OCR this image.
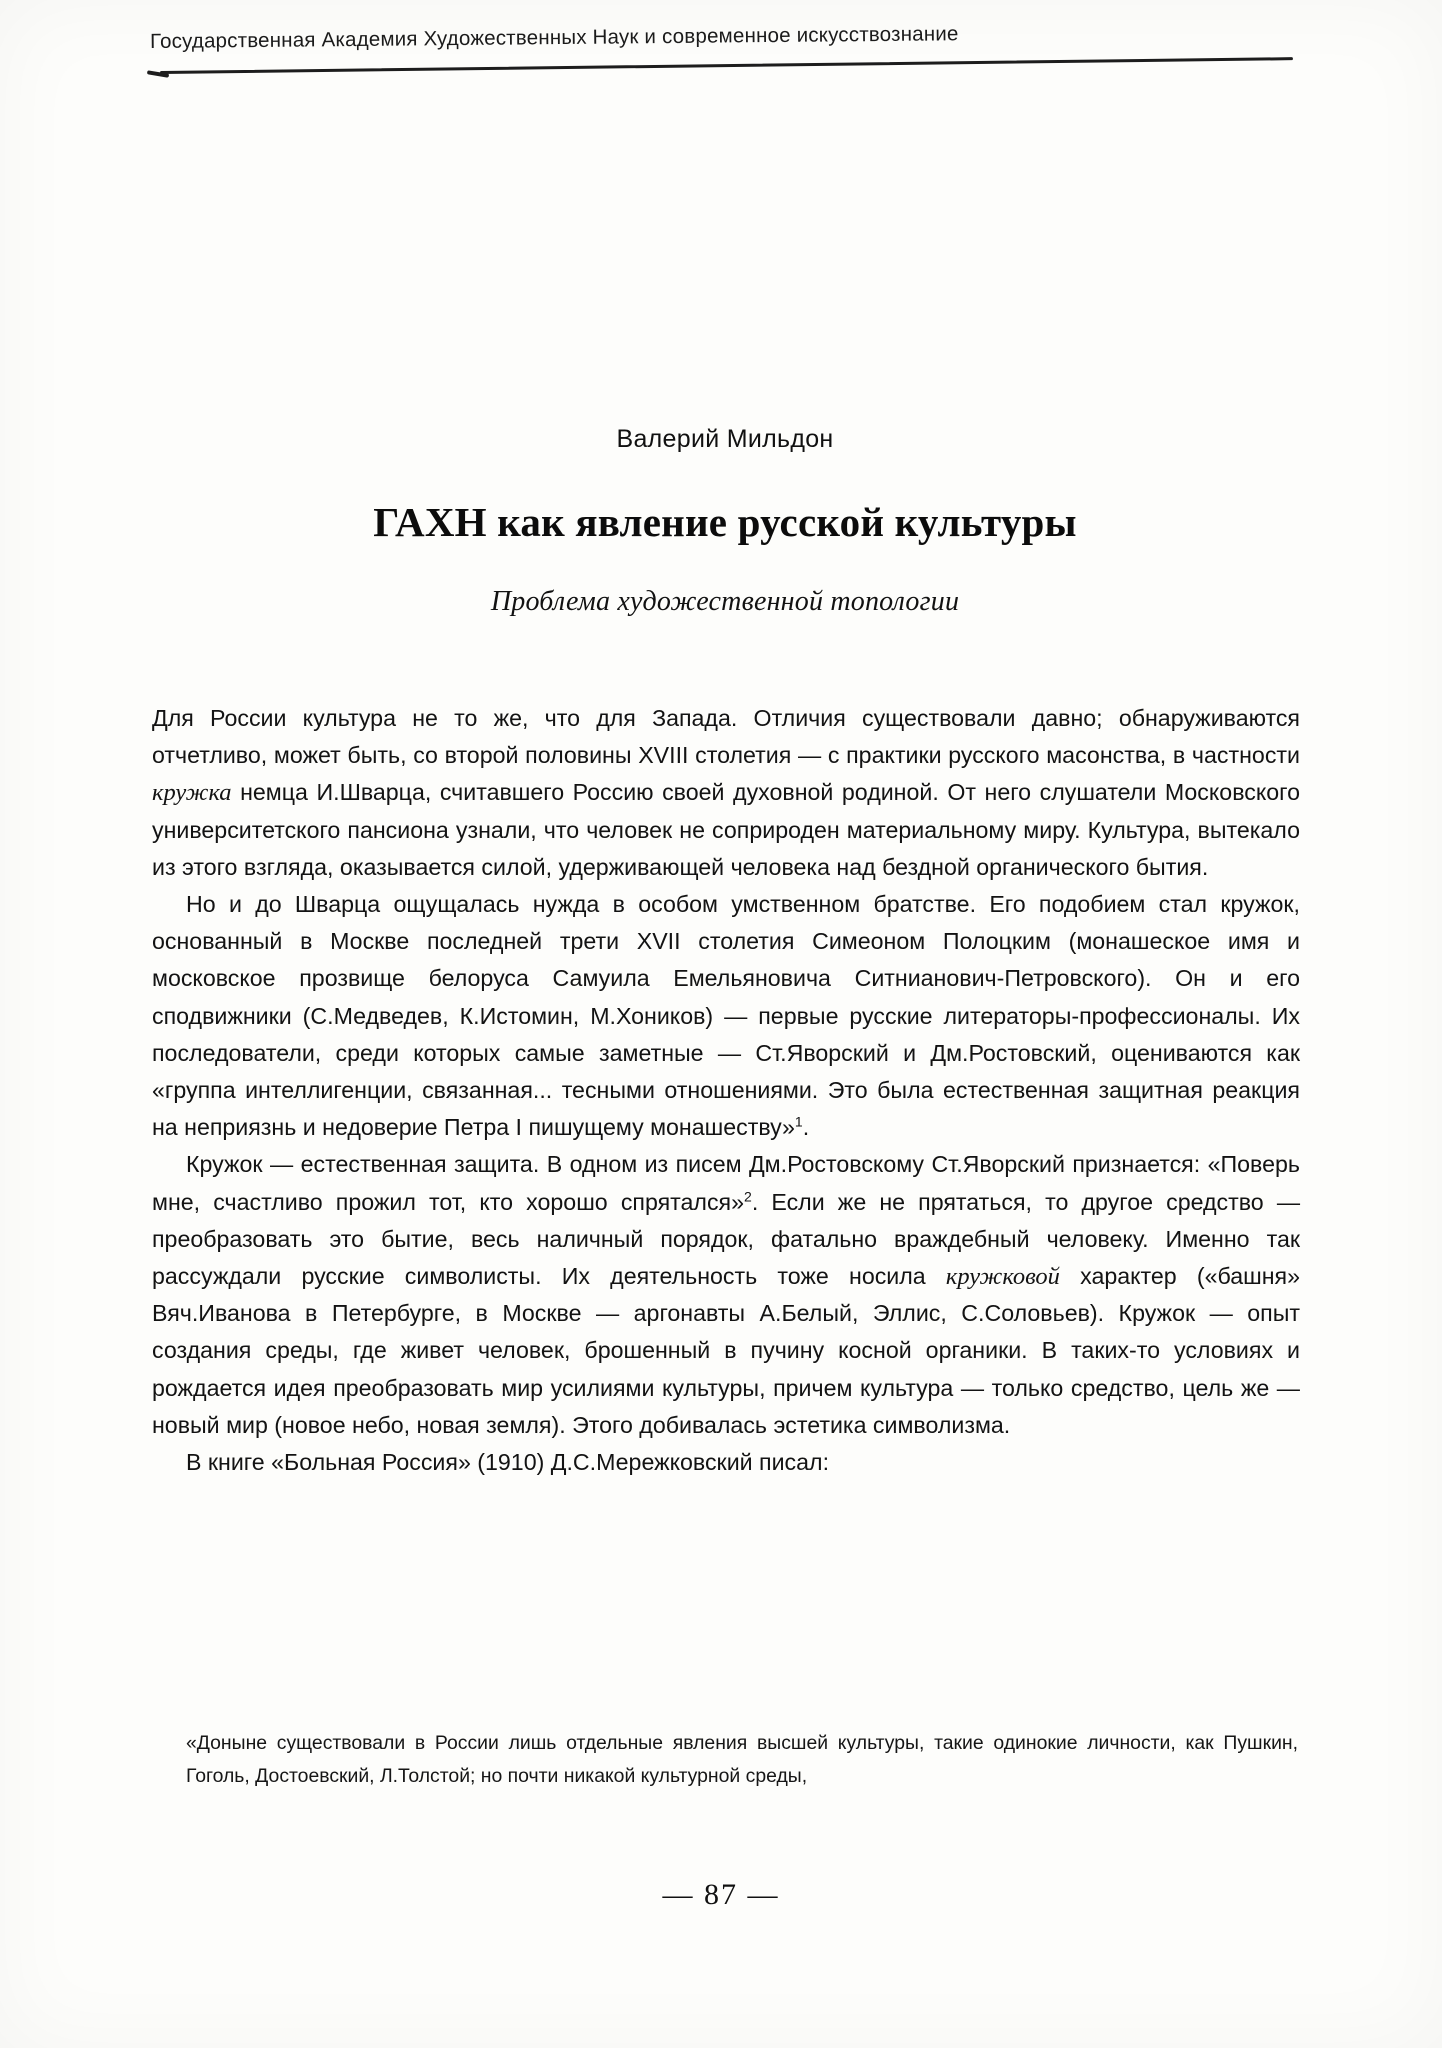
Государственная Академия Художественных Наук и современное искусствознание
Валерий Мильдон
ГАХН как явление русской культуры
Проблема художественной топологии

Для России культура не то же, что для Запада. Отличия существовали давно; обнаруживаются отчетливо, может быть, со второй половины XVIII столетия — с практики русского масонства, в частности кружка немца И.Шварца, считавшего Россию своей духовной родиной. От него слушатели Московского университетского пансиона узнали, что человек не соприроден материальному миру. Культура, вытекало из этого взгляда, оказывается силой, удерживающей человека над бездной органического бытия.

Но и до Шварца ощущалась нужда в особом умственном братстве. Его подобием стал кружок, основанный в Москве последней трети XVII столетия Симеоном Полоцким (монашеское имя и московское прозвище белоруса Самуила Емельяновича Ситнианович-Петровского). Он и его сподвижники (С.Медведев, К.Истомин, М.Хоников) — первые русские литераторы-профессионалы. Их последователи, среди которых самые заметные — Ст.Яворский и Дм.Ростовский, оцениваются как «группа интеллигенции, связанная... тесными отношениями. Это была естественная защитная реакция на неприязнь и недоверие Петра I пишущему монашеству»$^1$.

Кружок — естественная защита. В одном из писем Дм.Ростовскому Ст.Яворский признается: «Поверь мне, счастливо прожил тот, кто хорошо спрятался»$^2$. Если же не прятаться, то другое средство — преобразовать это бытие, весь наличный порядок, фатально враждебный человеку. Именно так рассуждали русские символисты. Их деятельность тоже носила кружковой характер («башня» Вяч.Иванова в Петербурге, в Москве — аргонавты А.Белый, Эллис, С.Соловьев). Кружок — опыт создания среды, где живет человек, брошенный в пучину косной органики. В таких-то условиях и рождается идея преобразовать мир усилиями культуры, причем культура — только средство, цель же — новый мир (новое небо, новая земля). Этого добивалась эстетика символизма.

В книге «Больная Россия» (1910) Д.С.Мережковский писал:

«Доныне существовали в России лишь отдельные явления высшей культуры, такие одинокие личности, как Пушкин, Гоголь, Достоевский, Л.Толстой; но почти никакой культурной среды,

— 87 —
